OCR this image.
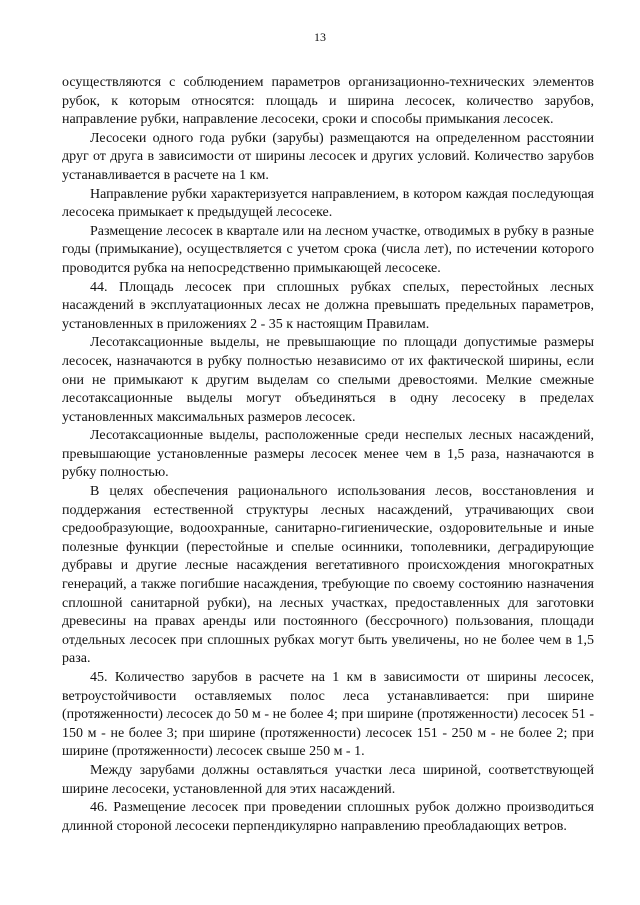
13

осуществляются с соблюдением параметров организационно-технических элементов рубок, к которым относятся: площадь и ширина лесосек, количество зарубов, направление рубки, направление лесосеки, сроки и способы примыкания лесосек.

Лесосеки одного года рубки (зарубы) размещаются на определенном расстоянии друг от друга в зависимости от ширины лесосек и других условий. Количество зарубов устанавливается в расчете на 1 км.

Направление рубки характеризуется направлением, в котором каждая последующая лесосека примыкает к предыдущей лесосеке.

Размещение лесосек в квартале или на лесном участке, отводимых в рубку в разные годы (примыкание), осуществляется с учетом срока (числа лет), по истечении которого проводится рубка на непосредственно примыкающей лесосеке.

44. Площадь лесосек при сплошных рубках спелых, перестойных лесных насаждений в эксплуатационных лесах не должна превышать предельных параметров, установленных в приложениях 2 - 35 к настоящим Правилам.

Лесотаксационные выделы, не превышающие по площади допустимые размеры лесосек, назначаются в рубку полностью независимо от их фактической ширины, если они не примыкают к другим выделам со спелыми древостоями. Мелкие смежные лесотаксационные выделы могут объединяться в одну лесосеку в пределах установленных максимальных размеров лесосек.

Лесотаксационные выделы, расположенные среди неспелых лесных насаждений, превышающие установленные размеры лесосек менее чем в 1,5 раза, назначаются в рубку полностью.

В целях обеспечения рационального использования лесов, восстановления и поддержания естественной структуры лесных насаждений, утрачивающих свои средообразующие, водоохранные, санитарно-гигиенические, оздоровительные и иные полезные функции (перестойные и спелые осинники, тополевники, деградирующие дубравы и другие лесные насаждения вегетативного происхождения многократных генераций, а также погибшие насаждения, требующие по своему состоянию назначения сплошной санитарной рубки), на лесных участках, предоставленных для заготовки древесины на правах аренды или постоянного (бессрочного) пользования, площади отдельных лесосек при сплошных рубках могут быть увеличены, но не более чем в 1,5 раза.

45. Количество зарубов в расчете на 1 км в зависимости от ширины лесосек, ветроустойчивости оставляемых полос леса устанавливается: при ширине (протяженности) лесосек до 50 м - не более 4; при ширине (протяженности) лесосек 51 - 150 м - не более 3; при ширине (протяженности) лесосек 151 - 250 м - не более 2; при ширине (протяженности) лесосек свыше 250 м - 1.

Между зарубами должны оставляться участки леса шириной, соответствующей ширине лесосеки, установленной для этих насаждений.

46. Размещение лесосек при проведении сплошных рубок должно производиться длинной стороной лесосеки перпендикулярно направлению преобладающих ветров.
